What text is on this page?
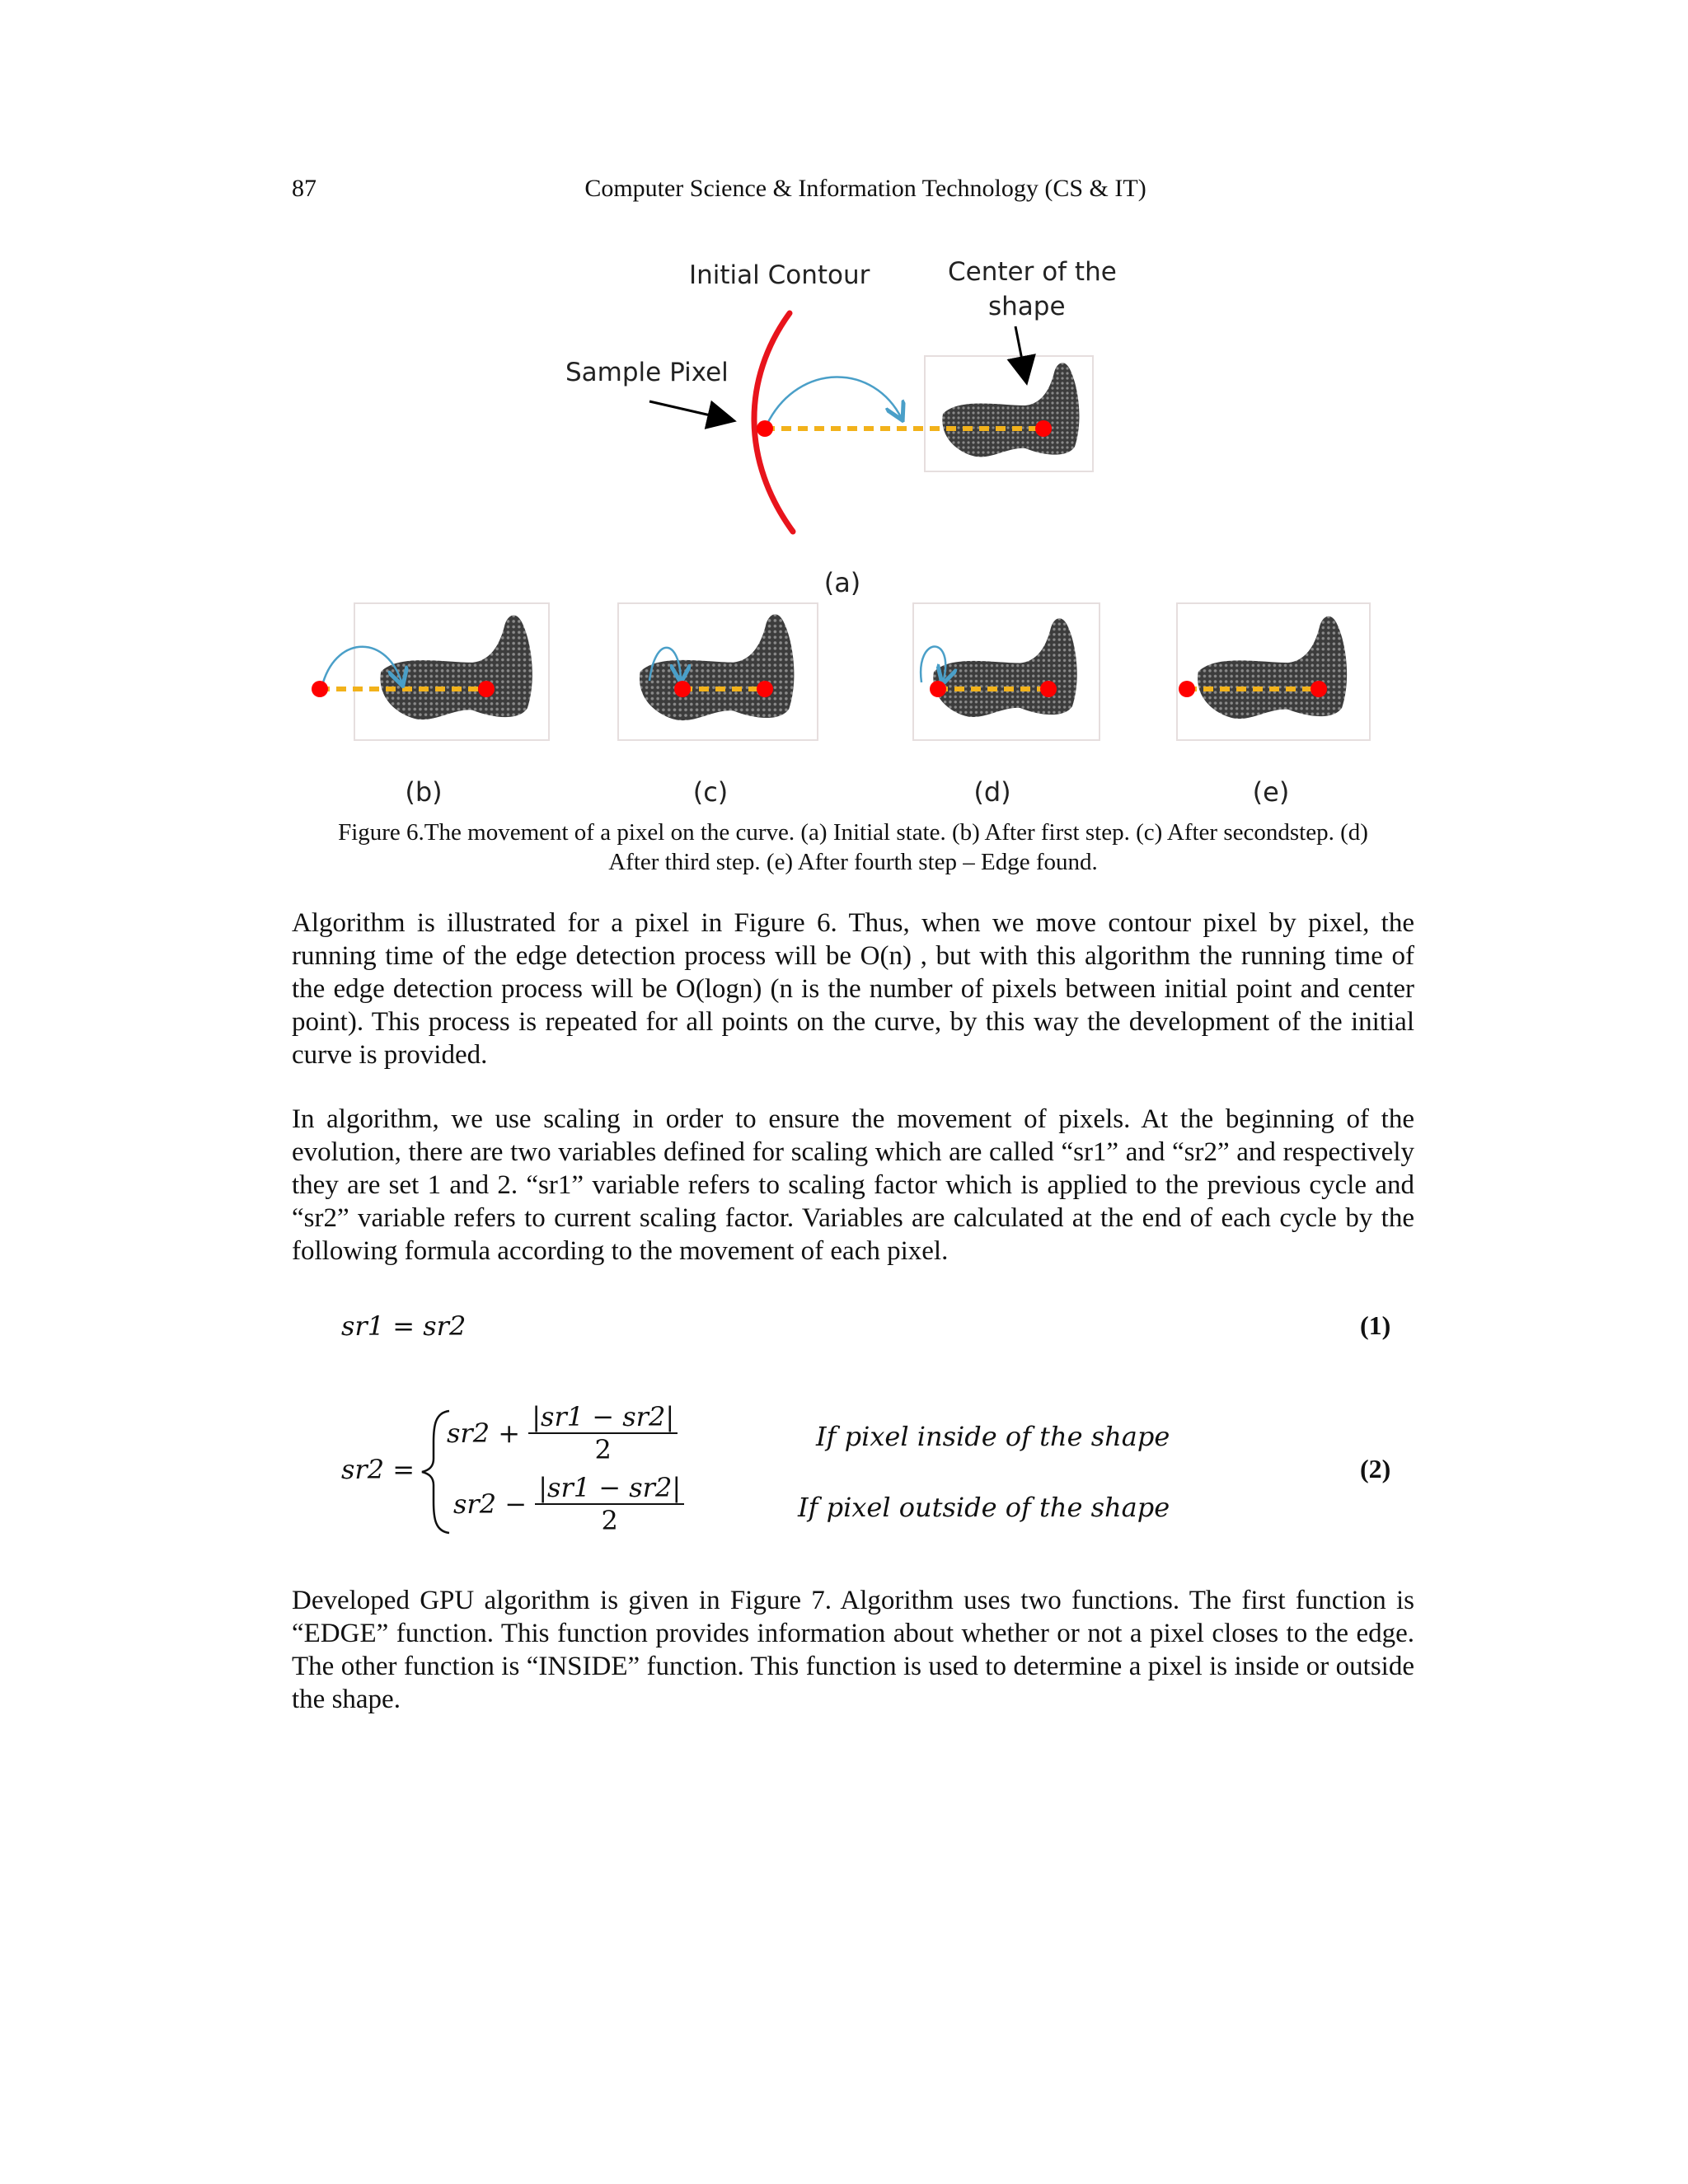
87	Computer Science & Information Technology (CS & IT)
Initial Contour	Center of the
shape
Sample Pixel
(a)
(b)	(c)	(d)	(e)
Figure 6.The movement of a pixel on the curve. (a) Initial state. (b) After first step. (c) After secondstep. (d)
After third step. (e) After fourth step – Edge found.
Algorithm is illustrated for a pixel in Figure 6. Thus, when we move contour pixel by pixel, the running time of the edge detection process will be O(n) , but with this algorithm the running time of the edge detection process will be O(logn) (n is the number of pixels between initial point and center point). This process is repeated for all points on the curve, by this way the development of the initial curve is provided.
In algorithm, we use scaling in order to ensure the movement of pixels. At the beginning of the evolution, there are two variables defined for scaling which are called “sr1” and “sr2” and respectively they are set 1 and 2. “sr1” variable refers to scaling factor which is applied to the previous cycle and “sr2” variable refers to current scaling factor. Variables are calculated at the end of each cycle by the following formula according to the movement of each pixel.
sr1 = sr2	(1)
sr2 =
$sr2 + \frac{|sr1 - sr2|}{2}$
$sr2 - \frac{|sr1 - sr2|}{2}$
If pixel inside of the shape
If pixel outside of the shape
(2)
Developed GPU algorithm is given in Figure 7. Algorithm uses two functions. The first function is “EDGE” function. This function provides information about whether or not a pixel closes to the edge. The other function is “INSIDE” function. This function is used to determine a pixel is inside or outside the shape.
